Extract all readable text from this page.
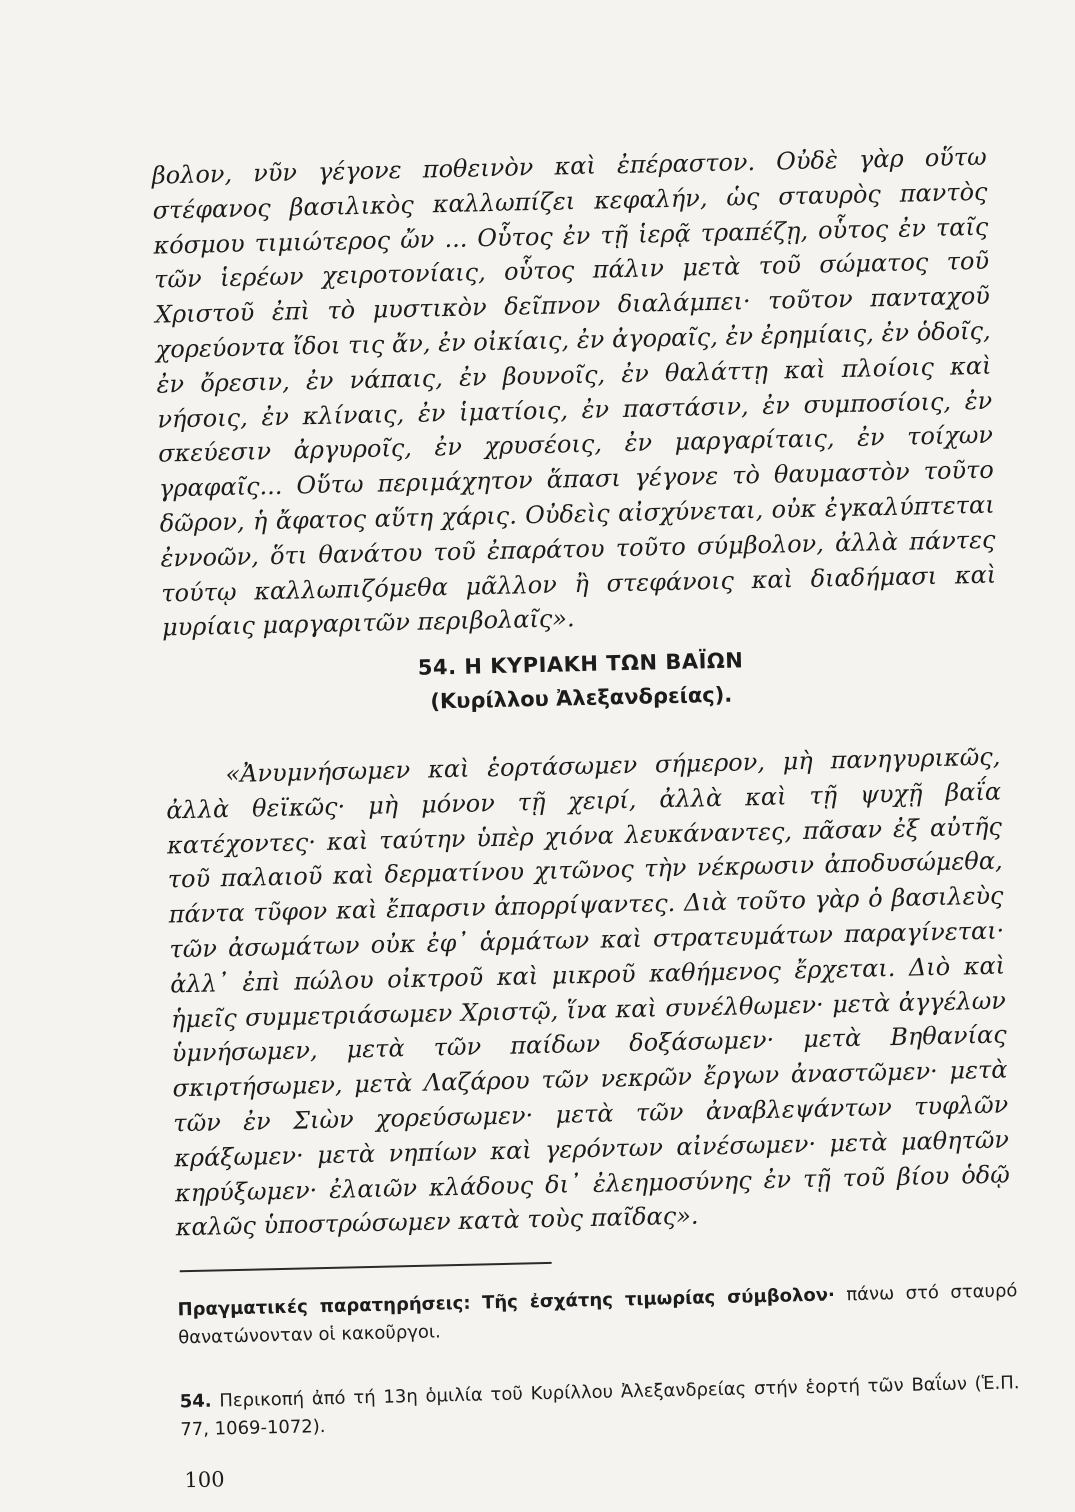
βολον, νῦν γέγονε ποθεινὸν καὶ ἐπέραστον. Οὐδὲ γὰρ οὕτω στέφανος βασιλικὸς καλλωπίζει κεφαλήν, ὡς σταυρὸς παντὸς κόσμου τιμιώτερος ὤν ... Οὗτος ἐν τῇ ἱερᾷ τραπέζῃ, οὗτος ἐν ταῖς τῶν ἱερέων χειροτονίαις, οὗτος πάλιν μετὰ τοῦ σώματος τοῦ Χριστοῦ ἐπὶ τὸ μυστικὸν δεῖπνον διαλάμπει· τοῦτον πανταχοῦ χορεύοντα ἴδοι τις ἄν, ἐν οἰκίαις, ἐν ἀγοραῖς, ἐν ἐρημίαις, ἐν ὁδοῖς, ἐν ὄρεσιν, ἐν νάπαις, ἐν βουνοῖς, ἐν θαλάττῃ καὶ πλοίοις καὶ νήσοις, ἐν κλίναις, ἐν ἱματίοις, ἐν παστάσιν, ἐν συμποσίοις, ἐν σκεύεσιν ἀργυροῖς, ἐν χρυσέοις, ἐν μαργαρίταις, ἐν τοίχων γραφαῖς... Οὕτω περιμάχητον ἅπασι γέγονε τὸ θαυμαστὸν τοῦτο δῶρον, ἡ ἄφατος αὕτη χάρις. Οὐδεὶς αἰσχύνεται, οὐκ ἐγκαλύπτεται ἐννοῶν, ὅτι θανάτου τοῦ ἐπαράτου τοῦτο σύμβολον, ἀλλὰ πάντες τούτῳ καλλωπιζόμεθα μᾶλλον ἢ στεφάνοις καὶ διαδήμασι καὶ μυρίαις μαργαριτῶν περιβολαῖς».

54. Η ΚΥΡΙΑΚΗ ΤΩΝ ΒΑΪΩΝ
(Κυρίλλου Ἀλεξανδρείας).

«Ἀνυμνήσωμεν καὶ ἑορτάσωμεν σήμερον, μὴ πανηγυρικῶς, ἀλλὰ θεϊκῶς· μὴ μόνον τῇ χειρί, ἀλλὰ καὶ τῇ ψυχῇ βαΐα κατέχοντες· καὶ ταύτην ὑπὲρ χιόνα λευκάναντες, πᾶσαν ἐξ αὐτῆς τοῦ παλαιοῦ καὶ δερματίνου χιτῶνος τὴν νέκρωσιν ἀποδυσώμεθα, πάντα τῦφον καὶ ἔπαρσιν ἀπορρίψαντες. Διὰ τοῦτο γὰρ ὁ βασιλεὺς τῶν ἀσωμάτων οὐκ ἐφ᾿ ἁρμάτων καὶ στρατευμάτων παραγίνεται· ἀλλ᾿ ἐπὶ πώλου οἰκτροῦ καὶ μικροῦ καθήμενος ἔρχεται. Διὸ καὶ ἡμεῖς συμμετριάσωμεν Χριστῷ, ἵνα καὶ συνέλθωμεν· μετὰ ἀγγέλων ὑμνήσωμεν, μετὰ τῶν παίδων δοξάσωμεν· μετὰ Βηθανίας σκιρτήσωμεν, μετὰ Λαζάρου τῶν νεκρῶν ἔργων ἀναστῶμεν· μετὰ τῶν ἐν Σιὼν χορεύσωμεν· μετὰ τῶν ἀναβλεψάντων τυφλῶν κράξωμεν· μετὰ νηπίων καὶ γερόντων αἰνέσωμεν· μετὰ μαθητῶν κηρύξωμεν· ἐλαιῶν κλάδους δι᾿ ἐλεημοσύνης ἐν τῇ τοῦ βίου ὁδῷ καλῶς ὑποστρώσωμεν κατὰ τοὺς παῖδας».

Πραγματικές παρατηρήσεις: Τῆς ἐσχάτης τιμωρίας σύμβολον· πάνω στό σταυρό θανατώνονταν οἱ κακοῦργοι.

54. Περικοπή ἀπό τή 13η ὁμιλία τοῦ Κυρίλλου Ἀλεξανδρείας στήν ἑορτή τῶν Βαΐων (Ἑ.Π. 77, 1069-1072).

100
